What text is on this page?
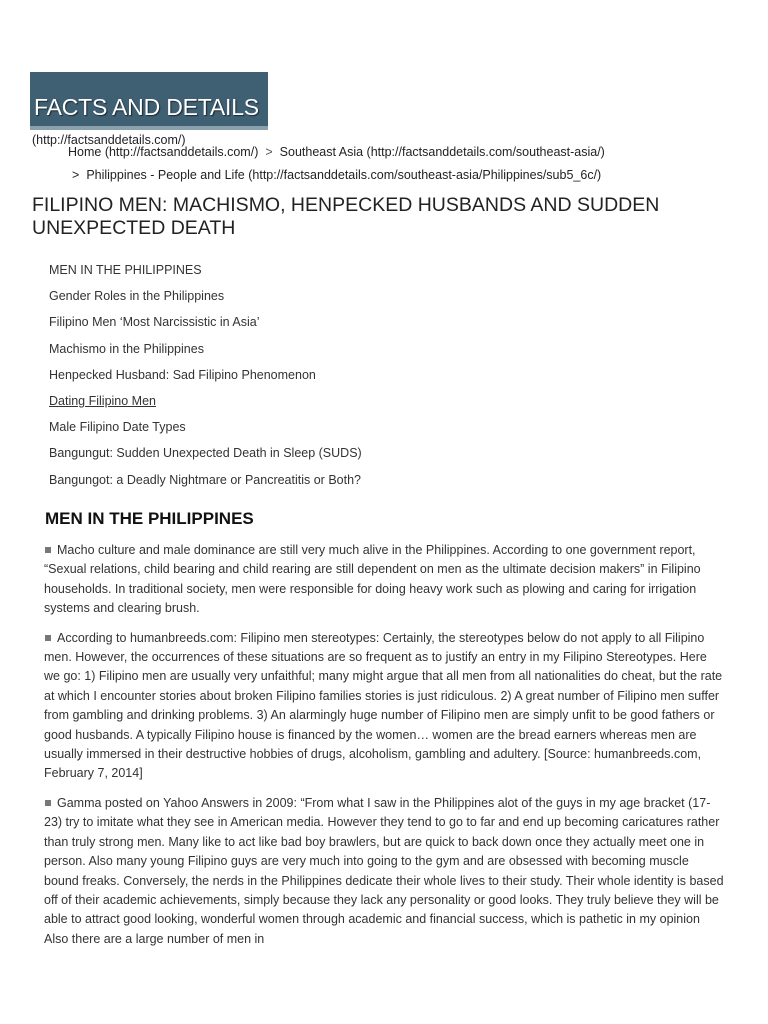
FACTS AND DETAILS
(http://factsanddetails.com/)
Home (http://factsanddetails.com/) > Southeast Asia (http://factsanddetails.com/southeast-asia/)
> Philippines - People and Life (http://factsanddetails.com/southeast-asia/Philippines/sub5_6c/)
FILIPINO MEN: MACHISMO, HENPECKED HUSBANDS AND SUDDEN UNEXPECTED DEATH
MEN IN THE PHILIPPINES
Gender Roles in the Philippines
Filipino Men ‘Most Narcissistic in Asia’
Machismo in the Philippines
Henpecked Husband: Sad Filipino Phenomenon
Dating Filipino Men
Male Filipino Date Types
Bangungut: Sudden Unexpected Death in Sleep (SUDS)
Bangungot: a Deadly Nightmare or Pancreatitis or Both?
MEN IN THE PHILIPPINES

Macho culture and male dominance are still very much alive in the Philippines. According to one government report, “Sexual relations, child bearing and child rearing are still dependent on men as the ultimate decision makers” in Filipino households. In traditional society, men were responsible for doing heavy work such as plowing and caring for irrigation systems and clearing brush.

According to humanbreeds.com: Filipino men stereotypes: Certainly, the stereotypes below do not apply to all Filipino men. However, the occurrences of these situations are so frequent as to justify an entry in my Filipino Stereotypes. Here we go: 1) Filipino men are usually very unfaithful; many might argue that all men from all nationalities do cheat, but the rate at which I encounter stories about broken Filipino families stories is just ridiculous. 2) A great number of Filipino men suffer from gambling and drinking problems. 3) An alarmingly huge number of Filipino men are simply unfit to be good fathers or good husbands. A typically Filipino house is financed by the women… women are the bread earners whereas men are usually immersed in their destructive hobbies of drugs, alcoholism, gambling and adultery. [Source: humanbreeds.com, February 7, 2014]

Gamma posted on Yahoo Answers in 2009: “From what I saw in the Philippines alot of the guys in my age bracket (17-23) try to imitate what they see in American media. However they tend to go to far and end up becoming caricatures rather than truly strong men. Many like to act like bad boy brawlers, but are quick to back down once they actually meet one in person. Also many young Filipino guys are very much into going to the gym and are obsessed with becoming muscle bound freaks. Conversely, the nerds in the Philippines dedicate their whole lives to their study. Their whole identity is based off of their academic achievements, simply because they lack any personality or good looks. They truly believe they will be able to attract good looking, wonderful women through academic and financial success, which is pathetic in my opinion Also there are a large number of men in
